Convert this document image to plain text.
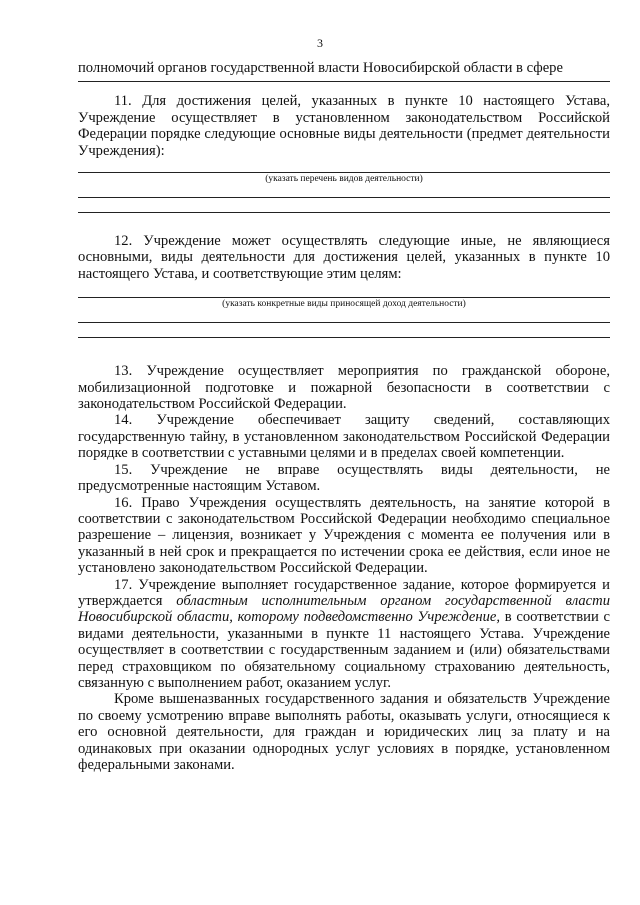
3

полномочий органов государственной власти Новосибирской области в сфере

11. Для достижения целей, указанных в пункте 10 настоящего Устава, Учреждение осуществляет в установленном законодательством Российской Федерации порядке следующие основные виды деятельности (предмет деятельности Учреждения):

(указать перечень видов деятельности)

12. Учреждение может осуществлять следующие иные, не являющиеся основными, виды деятельности для достижения целей, указанных в пункте 10 настоящего Устава, и соответствующие этим целям:

(указать конкретные виды приносящей доход деятельности)

13. Учреждение осуществляет мероприятия по гражданской обороне, мобилизационной подготовке и пожарной безопасности в соответствии с законодательством Российской Федерации.

14. Учреждение обеспечивает защиту сведений, составляющих государственную тайну, в установленном законодательством Российской Федерации порядке в соответствии с уставными целями и в пределах своей компетенции.

15. Учреждение не вправе осуществлять виды деятельности, не предусмотренные настоящим Уставом.

16. Право Учреждения осуществлять деятельность, на занятие которой в соответствии с законодательством Российской Федерации необходимо специальное разрешение – лицензия, возникает у Учреждения с момента ее получения или в указанный в ней срок и прекращается по истечении срока ее действия, если иное не установлено законодательством Российской Федерации.

17. Учреждение выполняет государственное задание, которое формируется и утверждается областным исполнительным органом государственной власти Новосибирской области, которому подведомственно Учреждение, в соответствии с видами деятельности, указанными в пункте 11 настоящего Устава. Учреждение осуществляет в соответствии с государственным заданием и (или) обязательствами перед страховщиком по обязательному социальному страхованию деятельность, связанную с выполнением работ, оказанием услуг.

Кроме вышеназванных государственного задания и обязательств Учреждение по своему усмотрению вправе выполнять работы, оказывать услуги, относящиеся к его основной деятельности, для граждан и юридических лиц за плату и на одинаковых при оказании однородных услуг условиях в порядке, установленном федеральными законами.
